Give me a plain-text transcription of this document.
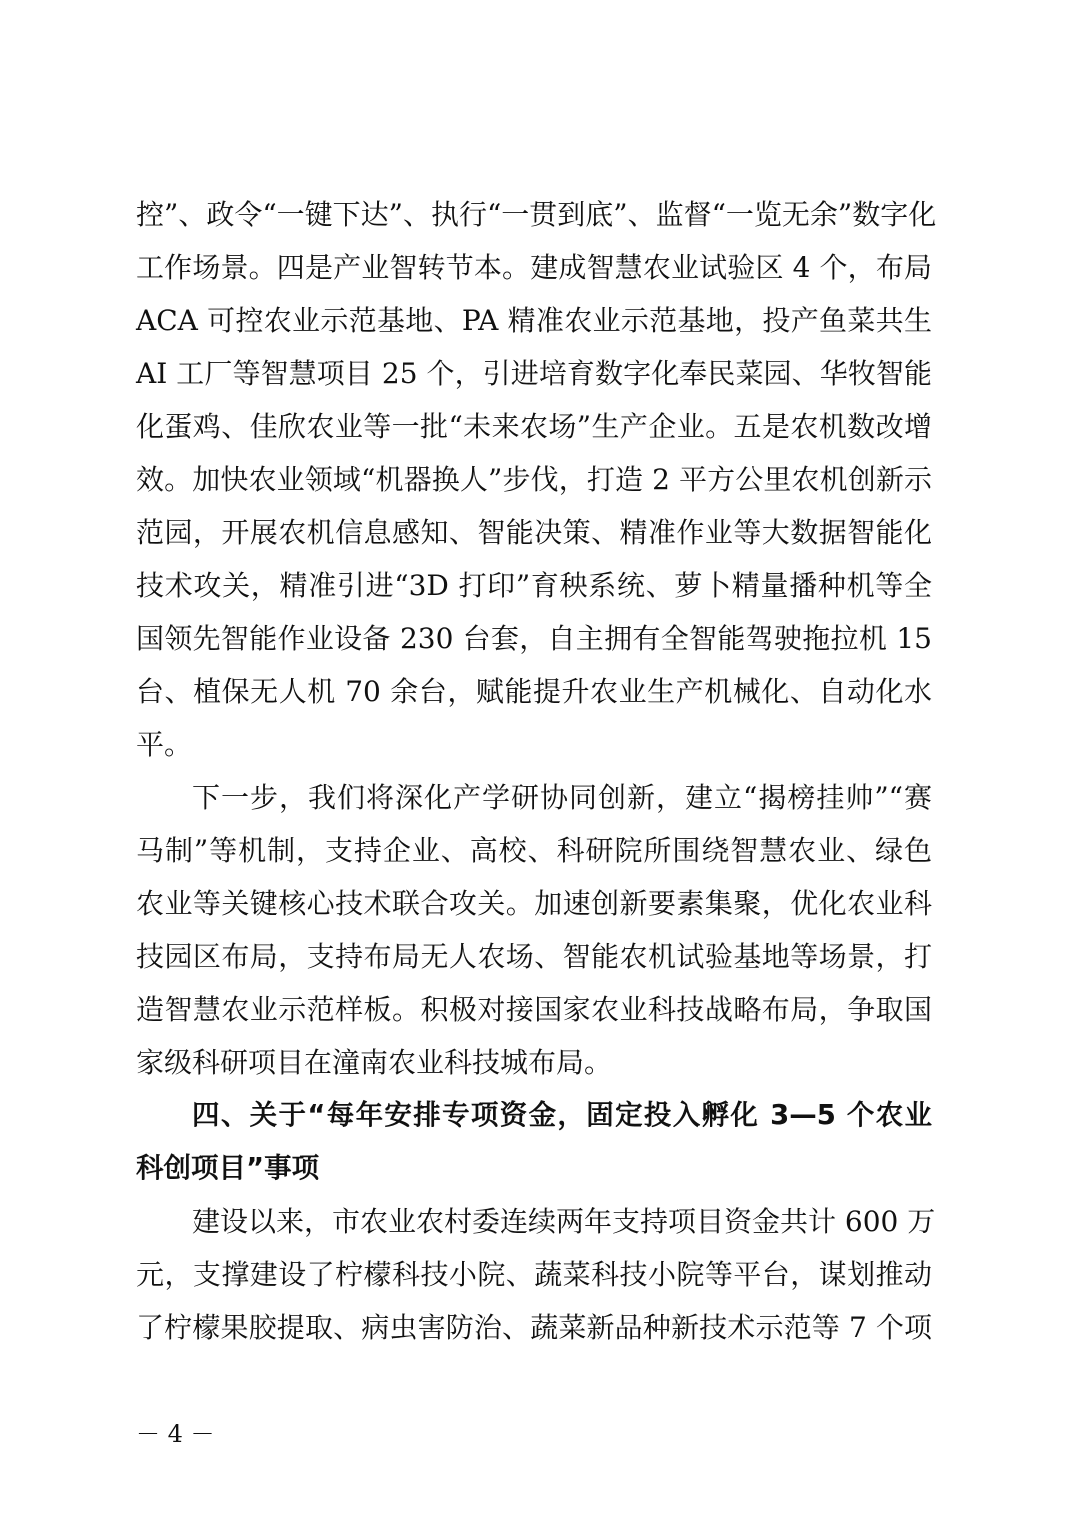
控”、政令“一键下达”、执行“一贯到底”、监督“一览无余”数字化
工作场景。四是产业智转节本。建成智慧农业试验区 4 个，布局
ACA 可控农业示范基地、PA 精准农业示范基地，投产鱼菜共生
AI 工厂等智慧项目 25 个，引进培育数字化奉民菜园、华牧智能
化蛋鸡、佳欣农业等一批“未来农场”生产企业。五是农机数改增
效。加快农业领域“机器换人”步伐，打造 2 平方公里农机创新示
范园，开展农机信息感知、智能决策、精准作业等大数据智能化
技术攻关，精准引进“3D 打印”育秧系统、萝卜精量播种机等全
国领先智能作业设备 230 台套，自主拥有全智能驾驶拖拉机 15
台、植保无人机 70 余台，赋能提升农业生产机械化、自动化水
平。
下一步，我们将深化产学研协同创新，建立“揭榜挂帅”“赛
马制”等机制，支持企业、高校、科研院所围绕智慧农业、绿色
农业等关键核心技术联合攻关。加速创新要素集聚，优化农业科
技园区布局，支持布局无人农场、智能农机试验基地等场景，打
造智慧农业示范样板。积极对接国家农业科技战略布局，争取国
家级科研项目在潼南农业科技城布局。
四、关于“每年安排专项资金，固定投入孵化 3—5 个农业
科创项目”事项
建设以来，市农业农村委连续两年支持项目资金共计 600 万
元，支撑建设了柠檬科技小院、蔬菜科技小院等平台，谋划推动
了柠檬果胶提取、病虫害防治、蔬菜新品种新技术示范等 7 个项
－ 4 －
